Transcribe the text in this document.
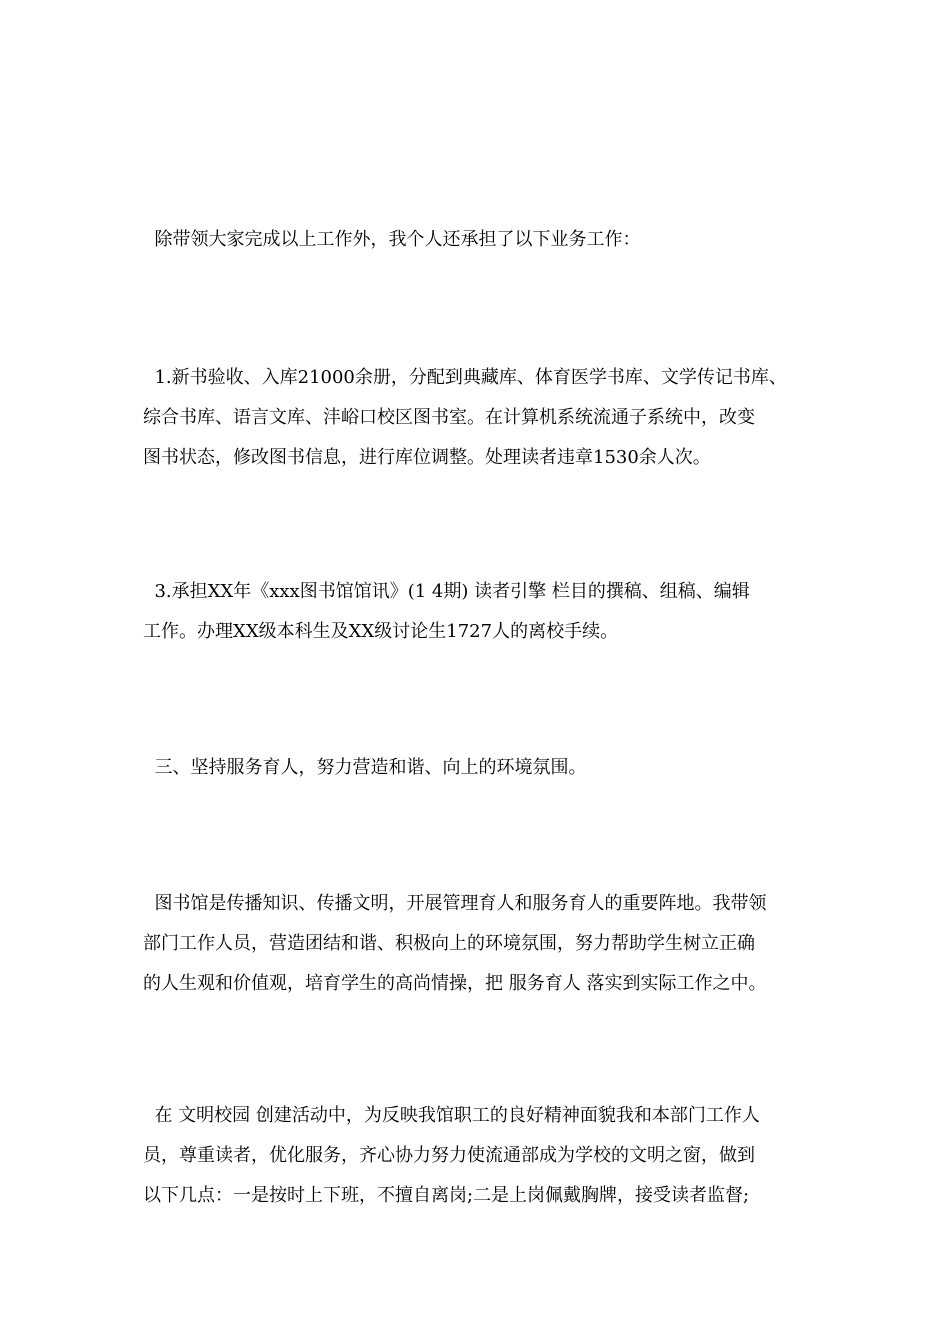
除带领大家完成以上工作外，我个人还承担了以下业务工作：

1.新书验收、入库21000余册，分配到典藏库、体育医学书库、文学传记书库、
综合书库、语言文库、沣峪口校区图书室。在计算机系统流通子系统中，改变
图书状态，修改图书信息，进行库位调整。处理读者违章1530余人次。

3.承担XX年《xxx图书馆馆讯》(1 4期) 读者引擎 栏目的撰稿、组稿、编辑
工作。办理XX级本科生及XX级讨论生1727人的离校手续。

三、坚持服务育人，努力营造和谐、向上的环境氛围。

图书馆是传播知识、传播文明，开展管理育人和服务育人的重要阵地。我带领
部门工作人员，营造团结和谐、积极向上的环境氛围，努力帮助学生树立正确
的人生观和价值观，培育学生的高尚情操，把 服务育人 落实到实际工作之中。

在 文明校园 创建活动中，为反映我馆职工的良好精神面貌我和本部门工作人
员，尊重读者，优化服务，齐心协力努力使流通部成为学校的文明之窗，做到
以下几点：一是按时上下班，不擅自离岗;二是上岗佩戴胸牌，接受读者监督;
